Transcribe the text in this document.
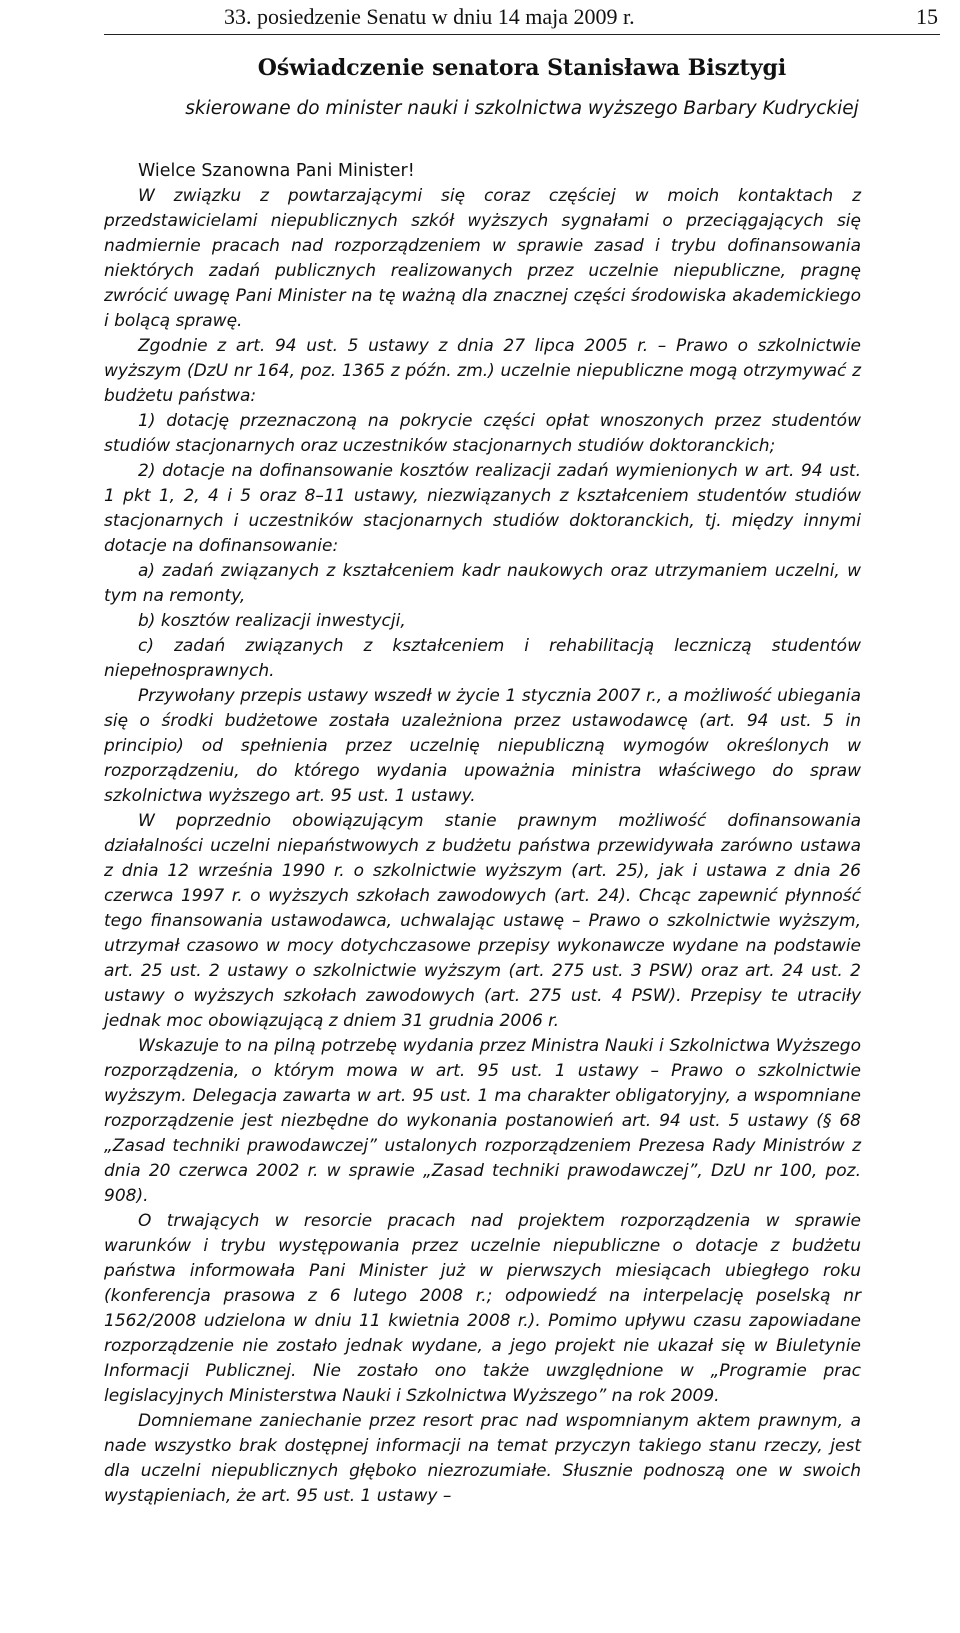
33. posiedzenie Senatu w dniu 14 maja 2009 r.	15
Oświadczenie senatora Stanisława Bisztygi
skierowane do minister nauki i szkolnictwa wyższego Barbary Kudryckiej
Wielce Szanowna Pani Minister!

W związku z powtarzającymi się coraz częściej w moich kontaktach z przedstawicielami niepublicznych szkół wyższych sygnałami o przeciągających się nadmiernie pracach nad rozporządzeniem w sprawie zasad i trybu dofinansowania niektórych zadań publicznych realizowanych przez uczelnie niepubliczne, pragnę zwrócić uwagę Pani Minister na tę ważną dla znacznej części środowiska akademickiego i bolącą sprawę.

Zgodnie z art. 94 ust. 5 ustawy z dnia 27 lipca 2005 r. – Prawo o szkolnictwie wyższym (DzU nr 164, poz. 1365 z późn. zm.) uczelnie niepubliczne mogą otrzymywać z budżetu państwa:

1) dotację przeznaczoną na pokrycie części opłat wnoszonych przez studentów studiów stacjonarnych oraz uczestników stacjonarnych studiów doktoranckich;

2) dotacje na dofinansowanie kosztów realizacji zadań wymienionych w art. 94 ust. 1 pkt 1, 2, 4 i 5 oraz 8–11 ustawy, niezwiązanych z kształceniem studentów studiów stacjonarnych i uczestników stacjonarnych studiów doktoranckich, tj. między innymi dotacje na dofinansowanie:

a) zadań związanych z kształceniem kadr naukowych oraz utrzymaniem uczelni, w tym na remonty,

b) kosztów realizacji inwestycji,

c) zadań związanych z kształceniem i rehabilitacją leczniczą studentów niepełnosprawnych.

Przywołany przepis ustawy wszedł w życie 1 stycznia 2007 r., a możliwość ubiegania się o środki budżetowe została uzależniona przez ustawodawcę (art. 94 ust. 5 in principio) od spełnienia przez uczelnię niepubliczną wymogów określonych w rozporządzeniu, do którego wydania upoważnia ministra właściwego do spraw szkolnictwa wyższego art. 95 ust. 1 ustawy.

W poprzednio obowiązującym stanie prawnym możliwość dofinansowania działalności uczelni niepaństwowych z budżetu państwa przewidywała zarówno ustawa z dnia 12 września 1990 r. o szkolnictwie wyższym (art. 25), jak i ustawa z dnia 26 czerwca 1997 r. o wyższych szkołach zawodowych (art. 24). Chcąc zapewnić płynność tego finansowania ustawodawca, uchwalając ustawę – Prawo o szkolnictwie wyższym, utrzymał czasowo w mocy dotychczasowe przepisy wykonawcze wydane na podstawie art. 25 ust. 2 ustawy o szkolnictwie wyższym (art. 275 ust. 3 PSW) oraz art. 24 ust. 2 ustawy o wyższych szkołach zawodowych (art. 275 ust. 4 PSW). Przepisy te utraciły jednak moc obowiązującą z dniem 31 grudnia 2006 r.

Wskazuje to na pilną potrzebę wydania przez Ministra Nauki i Szkolnictwa Wyższego rozporządzenia, o którym mowa w art. 95 ust. 1 ustawy – Prawo o szkolnictwie wyższym. Delegacja zawarta w art. 95 ust. 1 ma charakter obligatoryjny, a wspomniane rozporządzenie jest niezbędne do wykonania postanowień art. 94 ust. 5 ustawy (§ 68 „Zasad techniki prawodawczej” ustalonych rozporządzeniem Prezesa Rady Ministrów z dnia 20 czerwca 2002 r. w sprawie „Zasad techniki prawodawczej”, DzU nr 100, poz. 908).

O trwających w resorcie pracach nad projektem rozporządzenia w sprawie warunków i trybu występowania przez uczelnie niepubliczne o dotacje z budżetu państwa informowała Pani Minister już w pierwszych miesiącach ubiegłego roku (konferencja prasowa z 6 lutego 2008 r.; odpowiedź na interpelację poselską nr 1562/2008 udzielona w dniu 11 kwietnia 2008 r.). Pomimo upływu czasu zapowiadane rozporządzenie nie zostało jednak wydane, a jego projekt nie ukazał się w Biuletynie Informacji Publicznej. Nie zostało ono także uwzględnione w „Programie prac legislacyjnych Ministerstwa Nauki i Szkolnictwa Wyższego” na rok 2009.

Domniemane zaniechanie przez resort prac nad wspomnianym aktem prawnym, a nade wszystko brak dostępnej informacji na temat przyczyn takiego stanu rzeczy, jest dla uczelni niepublicznych głęboko niezrozumiałe. Słusznie podnoszą one w swoich wystąpieniach, że art. 95 ust. 1 ustawy –
